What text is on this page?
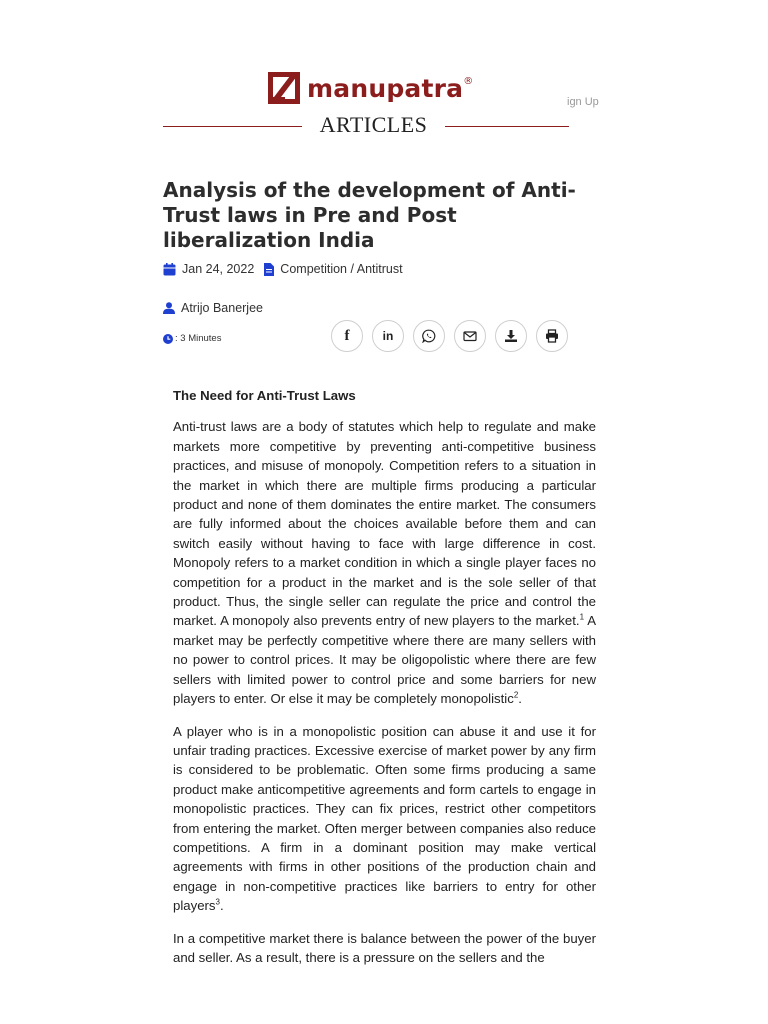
manupatra®
ign Up
ARTICLES
Analysis of the development of Anti-Trust laws in Pre and Post liberalization India
Jan 24, 2022 Competition / Antitrust
Atrijo Banerjee
: 3 Minutes	f	in
The Need for Anti-Trust Laws

Anti-trust laws are a body of statutes which help to regulate and make markets more competitive by preventing anti-competitive business practices, and misuse of monopoly. Competition refers to a situation in the market in which there are multiple firms producing a particular product and none of them dominates the entire market. The consumers are fully informed about the choices available before them and can switch easily without having to face with large difference in cost. Monopoly refers to a market condition in which a single player faces no competition for a product in the market and is the sole seller of that product. Thus, the single seller can regulate the price and control the market. A monopoly also prevents entry of new players to the market.$^1$ A market may be perfectly competitive where there are many sellers with no power to control prices. It may be oligopolistic where there are few sellers with limited power to control price and some barriers for new players to enter. Or else it may be completely monopolistic$^2$.

A player who is in a monopolistic position can abuse it and use it for unfair trading practices. Excessive exercise of market power by any firm is considered to be problematic. Often some firms producing a same product make anticompetitive agreements and form cartels to engage in monopolistic practices. They can fix prices, restrict other competitors from entering the market. Often merger between companies also reduce competitions. A firm in a dominant position may make vertical agreements with firms in other positions of the production chain and engage in non-competitive practices like barriers to entry for other players$^3$.

In a competitive market there is balance between the power of the buyer and seller. As a result, there is a pressure on the sellers and the
